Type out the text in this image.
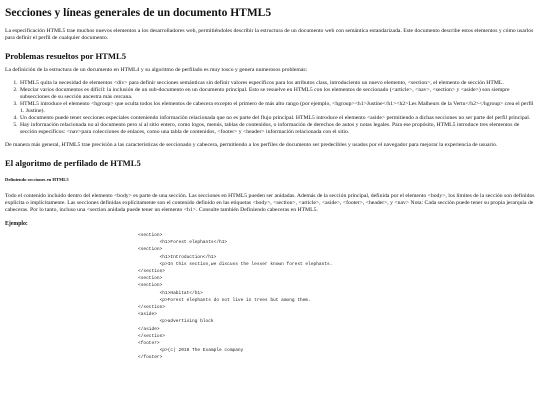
Secciones y líneas generales de un documento HTML5

La especificación HTML5 trae muchos nuevos elementos a los desarrolladores web, permitiéndoles describir la estructura de un documento web con semántica estandarizada. Este documento describe estos elementos y cómo usarlos para definir el perfil de cualquier documento.

Problemas resueltos por HTML5

La definición de la estructura de un documento en HTML4 y su algoritmo de perfilado es muy tosco y genera numerosos problemas:

1. HTML5 quita la necesidad de elementos <div> para definir secciones semánticas sin definir valores específicos para los atributos class, introduciento un nuevo elemento, <section>, el elemento de sección HTML.
2. Mezclar varios documentos es difícil: la inclusión de un sub-documento en un documento principal. Esto se resuelve en HTML5 con los elementos de seccionado (<article>, <nav>, <section> y <aside>) son siempre subsecciones de su sección ancestra más cercana.
3. HTML5 introduce el elemento <hgroup> que oculta todos los elementos de cabecera excepto el primero de más alto rango (por ejemplo, <hgroup><h1>Justine</h1><h2>Les Malheurs de la Vertu</h2></hgroup> crea el perfil 1. Justine).
4. Un documento puede tener secciones especiales conteniendo información relacionada que no es parte del flujo principal. HTML5 introduce el elemento <aside> permitiendo a dichas secciones no ser parte del perfil principal.
5. Hay información relacionada no al documento pero sí al sitio entero, como logos, menús, tablas de contenidos, o información de derechos de autos y notas legales. Para ese propósito, HTML5 introduce tres elementos de sección específicos: <nav>para colecciones de enlaces, como una tabla de contenidos, <footer> y <header> información relacionada con el sitio.

De manera más general, HTML5 trae precisión a las características de seccionado y cabecera, permitiendo a los perfiles de documento ser predecibles y usados por el navegador para mejorar la experiencia de usuario.

El algoritmo de perfilado de HTML5
Definiendo secciones en HTML5

Todo el contenido incluido dentro del elemento <body> es parte de una sección. Las secciones en HTML5 pueden ser anidadas. Además de la sección principal, definida por el elemento <body>, los límites de la sección son definidos explícita o implícitamente. Las secciones definidas explícitamente son el contenido definido en las etiquetas <body>, <section>, <article>, <aside>, <footer>, <header>, y <nav> Nota: Cada sección puede tener su propia jerarquía de cabeceras. Por lo tanto, incluso una <section anidada puede tener un elemento <h1>. Consulte también Definiendo cabeceras en HTML5.

Ejemplo:
<section>
<h1>Forest elephants</h1>
<section>
<h1>Introduction</h1>
<p>In this section,we discuss the lesser known forest elephants.
</section>
<section>
<section>
<h1>Habitat</h1>
<p>Forest elephants do not live in trees but among them.
</section>
<aside>
<p>advertising block
</aside>
</section>
<footer>
<p>(c) 2010 The Example company
</footer>
